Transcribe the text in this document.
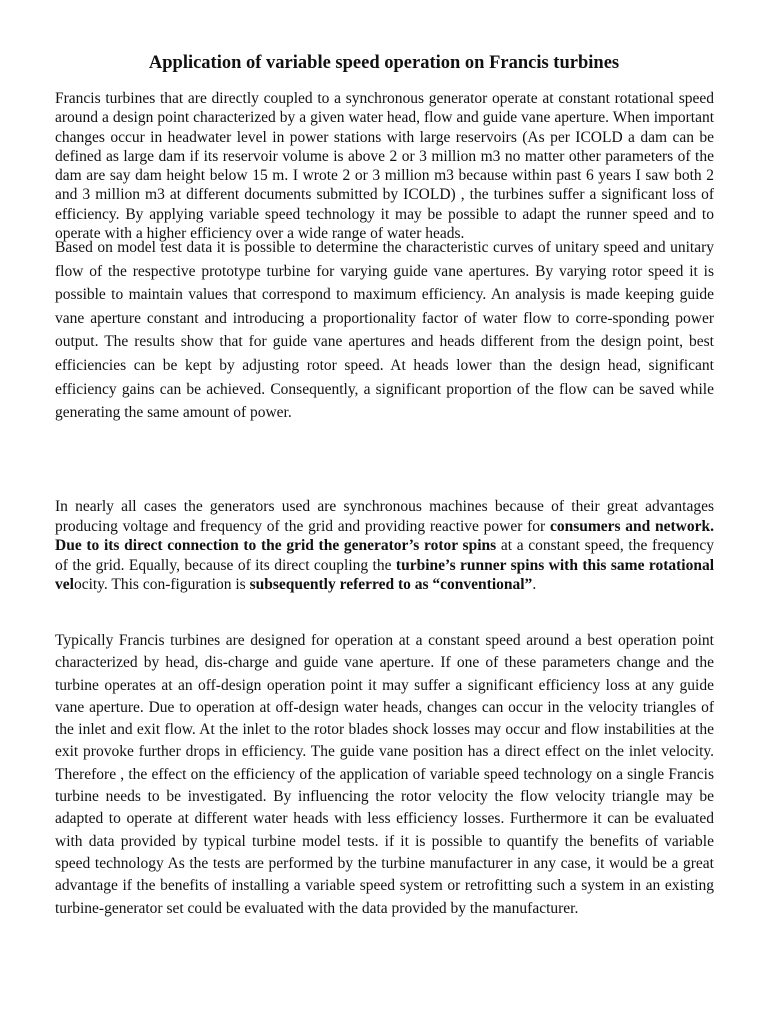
Application of variable speed operation on Francis turbines

Francis turbines that are directly coupled to a synchronous generator operate at constant rotational speed around a design point characterized by a given water head, flow and guide vane aperture. When important changes occur in headwater level in power stations with large reservoirs (As per ICOLD a dam can be defined as large dam if its reservoir volume is above 2 or 3 million m3 no matter other parameters of the dam are say dam height below 15 m. I wrote 2 or 3 million m3 because within past 6 years I saw both 2 and 3 million m3 at different documents submitted by ICOLD) , the turbines suffer a significant loss of efficiency. By applying variable speed technology it may be possible to adapt the runner speed and to operate with a higher efficiency over a wide range of water heads.

Based on model test data it is possible to determine the characteristic curves of unitary speed and unitary flow of the respective prototype turbine for varying guide vane apertures. By varying rotor speed it is possible to maintain values that correspond to maximum efficiency. An analysis is made keeping guide vane aperture constant and introducing a proportionality factor of water flow to corre-sponding power output. The results show that for guide vane apertures and heads different from the design point, best efficiencies can be kept by adjusting rotor speed. At heads lower than the design head, significant efficiency gains can be achieved. Consequently, a significant proportion of the flow can be saved while generating the same amount of power.

In nearly all cases the generators used are synchronous machines because of their great advantages producing voltage and frequency of the grid and providing reactive power for consumers and network. Due to its direct connection to the grid the generator’s rotor spins at a constant speed, the frequency of the grid. Equally, because of its direct coupling the turbine’s runner spins with this same rotational velocity. This con-figuration is subsequently referred to as “conventional”.

Typically Francis turbines are designed for operation at a constant speed around a best operation point characterized by head, dis-charge and guide vane aperture. If one of these parameters change and the turbine operates at an off-design operation point it may suffer a significant efficiency loss at any guide vane aperture. Due to operation at off-design water heads, changes can occur in the velocity triangles of the inlet and exit flow. At the inlet to the rotor blades shock losses may occur and flow instabilities at the exit provoke further drops in efficiency. The guide vane position has a direct effect on the inlet velocity. Therefore , the effect on the efficiency of the application of variable speed technology on a single Francis turbine needs to be investigated. By influencing the rotor velocity the flow velocity triangle may be adapted to operate at different water heads with less efficiency losses. Furthermore it can be evaluated with data provided by typical turbine model tests. if it is possible to quantify the benefits of variable speed technology As the tests are performed by the turbine manufacturer in any case, it would be a great advantage if the benefits of installing a variable speed system or retrofitting such a system in an existing turbine-generator set could be evaluated with the data provided by the manufacturer.
